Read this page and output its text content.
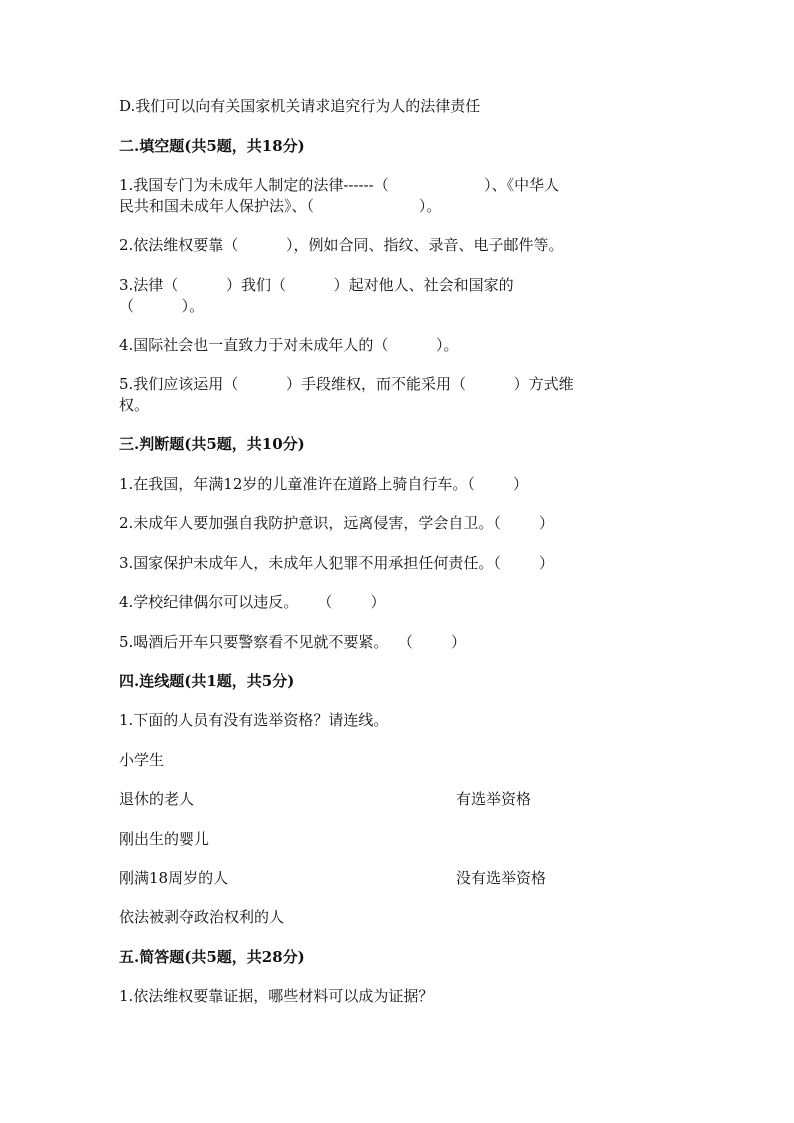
D.我们可以向有关国家机关请求追究行为人的法律责任
二.填空题(共5题，共18分)
1.我国专门为未成年人制定的法律------（                    ）、《中华人
民共和国未成年人保护法》、（                      ）。
2.依法维权要靠（          ），例如合同、指纹、录音、电子邮件等。
3.法律（          ）我们（          ）起对他人、社会和国家的
（          ）。
4.国际社会也一直致力于对未成年人的（          ）。
5.我们应该运用（          ）手段维权，而不能采用（          ）方式维
权。
三.判断题(共5题，共10分)
1.在我国，年满12岁的儿童准许在道路上骑自行车。（        ）
2.未成年人要加强自我防护意识，远离侵害，学会自卫。（        ）
3.国家保护未成年人，未成年人犯罪不用承担任何责任。（        ）
4.学校纪律偶尔可以违反。    （        ）
5.喝酒后开车只要警察看不见就不要紧。  （        ）
四.连线题(共1题，共5分)
1.下面的人员有没有选举资格？请连线。
小学生
退休的老人	有选举资格
刚出生的婴儿
刚满18周岁的人	没有选举资格
依法被剥夺政治权利的人
五.简答题(共5题，共28分)
1.依法维权要靠证据，哪些材料可以成为证据？
